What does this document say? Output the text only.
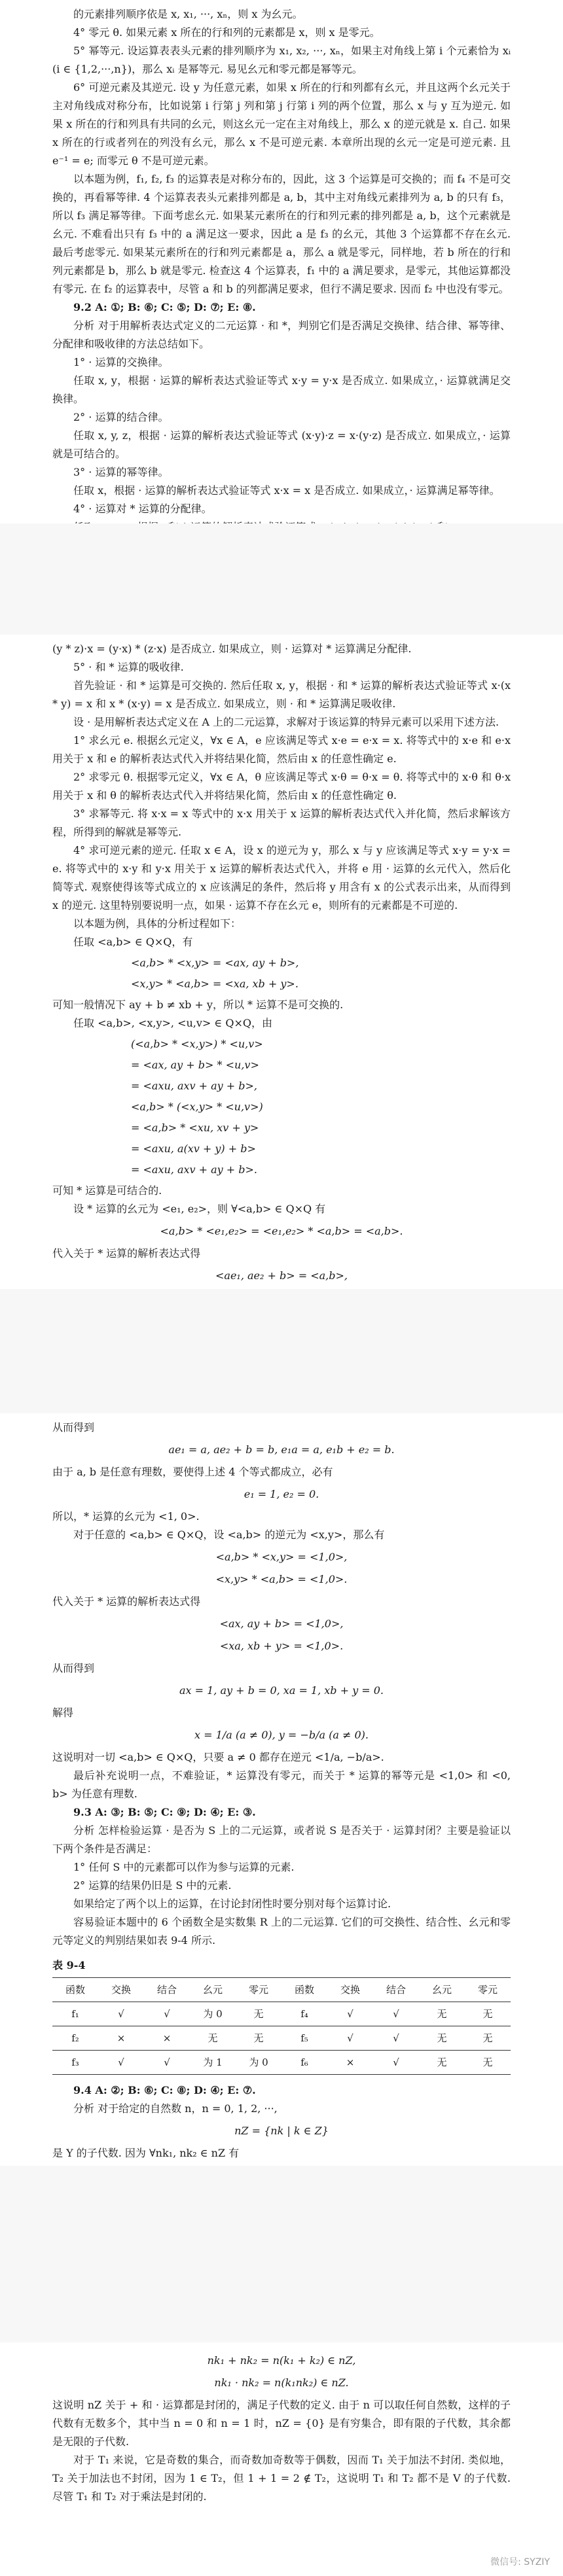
的元素排列顺序依是 x, x₁, ···, xₙ，则 x 为幺元。

4° 零元 θ. 如果元素 x 所在的行和列的元素都是 x，则 x 是零元。

5° 幂等元. 设运算表表头元素的排列顺序为 x₁, x₂, ···, xₙ，如果主对角线上第 i 个元素恰为 xᵢ (i ∈ {1,2,···,n})，那么 xᵢ 是幂等元. 易见幺元和零元都是幂等元。

6° 可逆元素及其逆元. 设 y 为任意元素，如果 x 所在的行和列都有幺元，并且这两个幺元关于主对角线成对称分布，比如说第 i 行第 j 列和第 j 行第 i 列的两个位置，那么 x 与 y 互为逆元. 如果 x 所在的行和列具有共同的幺元，则这幺元一定在主对角线上，那么 x 的逆元就是 x. 自己. 如果 x 所在的行或者列在的列没有幺元，那么 x 不是可逆元素. 本章所出现的幺元一定是可逆元素. 且 e⁻¹ = e; 而零元 θ 不是可逆元素。

以本题为例，f₁, f₂, f₃ 的运算表是对称分布的，因此，这 3 个运算是可交换的；而 f₄ 不是可交换的，再看幂等律. 4 个运算表表头元素排列都是 a, b，其中主对角线元素排列为 a, b 的只有 f₃，所以 f₃ 满足幂等律。下面考虑幺元. 如果某元素所在的行和列元素的排列都是 a, b，这个元素就是幺元. 不难看出只有 f₃ 中的 a 满足这一要求，因此 a 是 f₃ 的幺元，其他 3 个运算都不存在幺元. 最后考虑零元. 如果某元素所在的行和列元素都是 a，那么 a 就是零元，同样地，若 b 所在的行和列元素都是 b，那么 b 就是零元. 检查这 4 个运算表，f₁ 中的 a 满足要求，是零元，其他运算都没有零元. 在 f₂ 的运算表中，尽管 a 和 b 的列都满足要求，但行不满足要求. 因而 f₂ 中也没有零元。

9.2 A: ①; B: ⑥; C: ⑤; D: ⑦; E: ⑧.

分析 对于用解析表达式定义的二元运算 · 和 *，判别它们是否满足交换律、结合律、幂等律、分配律和吸收律的方法总结如下。

1° · 运算的交换律。

任取 x, y，根据 · 运算的解析表达式验证等式 x·y = y·x 是否成立. 如果成立，· 运算就满足交换律。

2° · 运算的结合律。

任取 x, y, z，根据 · 运算的解析表达式验证等式 (x·y)·z = x·(y·z) 是否成立. 如果成立，· 运算就是可结合的。

3° · 运算的幂等律。

任取 x，根据 · 运算的解析表达式验证等式 x·x = x 是否成立. 如果成立，· 运算满足幂等律。

4° · 运算对 * 运算的分配律。

(y * z)·x = (y·x) * (z·x) 是否成立. 如果成立，则 · 运算对 * 运算满足分配律.

5° · 和 * 运算的吸收律.

首先验证 · 和 * 运算是可交换的. 然后任取 x, y，根据 · 和 * 运算的解析表达式验证等式 x·(x * y) = x 和 x * (x·y) = x 是否成立. 如果成立，则 · 和 * 运算满足吸收律.

设 · 是用解析表达式定义在 A 上的二元运算，求解对于该运算的特异元素可以采用下述方法.

1° 求幺元 e. 根据幺元定义，∀x ∈ A，e 应该满足等式 x·e = e·x = x. 将等式中的 x·e 和 e·x 用关于 x 和 e 的解析表达式代入并将结果化简，然后由 x 的任意性确定 e.

2° 求零元 θ. 根据零元定义，∀x ∈ A，θ 应该满足等式 x·θ = θ·x = θ. 将等式中的 x·θ 和 θ·x 用关于 x 和 θ 的解析表达式代入并将结果化简，然后由 x 的任意性确定 θ.

3° 求幂等元. 将 x·x = x 等式中的 x·x 用关于 x 运算的解析表达式代入并化简，然后求解该方程，所得到的解就是幂等元.

4° 求可逆元素的逆元. 任取 x ∈ A，设 x 的逆元为 y，那么 x 与 y 应该满足等式 x·y = y·x = e. 将等式中的 x·y 和 y·x 用关于 x 运算的解析表达式代入，并将 e 用 · 运算的幺元代入，然后化简等式. 观察使得该等式成立的 x 应该满足的条件，然后将 y 用含有 x 的公式表示出来，从而得到 x 的逆元. 这里特别要说明一点，如果 · 运算不存在幺元 e，则所有的元素都是不可逆的.

以本题为例，具体的分析过程如下：

任取 <a,b> ∈ Q×Q，有

<a,b> * <x,y> = <ax, ay + b>,
<x,y> * <a,b> = <xa, xb + y>.

可知一般情况下 ay + b ≠ xb + y，所以 * 运算不是可交换的.

任取 <a,b>, <x,y>, <u,v> ∈ Q×Q，由

(<a,b> * <x,y>) * <u,v>
= <ax, ay + b> * <u,v>
= <axu, axv + ay + b>,
<a,b> * (<x,y> * <u,v>)
= <a,b> * <xu, xv + y>
= <axu, a(xv + y) + b>
= <axu, axv + ay + b>.

可知 * 运算是可结合的.

设 * 运算的幺元为 <e₁, e₂>，则 ∀<a,b> ∈ Q×Q 有

<a,b> * <e₁,e₂> = <e₁,e₂> * <a,b> = <a,b>.

代入关于 * 运算的解析表达式得

<ae₁, ae₂ + b> = <a,b>,

从而得到

ae₁ = a, ae₂ + b = b, e₁a = a, e₁b + e₂ = b.

由于 a, b 是任意有理数，要使得上述 4 个等式都成立，必有

e₁ = 1, e₂ = 0.

所以，* 运算的幺元为 <1, 0>.

对于任意的 <a,b> ∈ Q×Q，设 <a,b> 的逆元为 <x,y>，那么有

<a,b> * <x,y> = <1,0>,
<x,y> * <a,b> = <1,0>.

代入关于 * 运算的解析表达式得

<ax, ay + b> = <1,0>,
<xa, xb + y> = <1,0>.

从而得到

ax = 1, ay + b = 0, xa = 1, xb + y = 0.

解得

x = 1/a (a ≠ 0), y = −b/a (a ≠ 0).

这说明对一切 <a,b> ∈ Q×Q，只要 a ≠ 0 都存在逆元 <1/a, −b/a>.

最后补充说明一点，不难验证，* 运算没有零元，而关于 * 运算的幂等元是 <1,0> 和 <0, b> 为任意有理数.

9.3 A: ③; B: ⑤; C: ⑨; D: ④; E: ③.

分析 怎样检验运算 · 是否为 S 上的二元运算，或者说 S 是否关于 · 运算封闭？主要是验证以下两个条件是否满足：

1° 任何 S 中的元素都可以作为参与运算的元素.

2° 运算的结果仍旧是 S 中的元素.

如果给定了两个以上的运算，在讨论封闭性时要分别对每个运算讨论.

容易验证本题中的 6 个函数全是实数集 R 上的二元运算. 它们的可交换性、结合性、幺元和零元等定义的判别结果如表 9-4 所示.

表 9-4
函数	交换	结合	幺元	零元	函数	交换	结合	幺元	零元
f₁	√	√	为 0	无	f₄	√	√	无	无
f₂	×	×	无	无	f₅	√	√	无	无
f₃	√	√	为 1	为 0	f₆	×	√	无	无

9.4 A: ②; B: ⑥; C: ⑧; D: ④; E: ⑦.

分析 对于给定的自然数 n，n = 0, 1, 2, ···,

nZ = {nk | k ∈ Z}

是 Y 的子代数. 因为 ∀nk₁, nk₂ ∈ nZ 有

nk₁ + nk₂ = n(k₁ + k₂) ∈ nZ,
nk₁ · nk₂ = n(k₁nk₂) ∈ nZ.

这说明 nZ 关于 + 和 · 运算都是封闭的，满足子代数的定义. 由于 n 可以取任何自然数，这样的子代数有无数多个，其中当 n = 0 和 n = 1 时，nZ = {0} 是有穷集合，即有限的子代数，其余都是无限的子代数.

对于 T₁ 来说，它是奇数的集合，而奇数加奇数等于偶数，因而 T₁ 关于加法不封闭. 类似地，T₂ 关于加法也不封闭，因为 1 ∈ T₂，但 1 + 1 = 2 ∉ T₂，这说明 T₁ 和 T₂ 都不是 V 的子代数. 尽管 T₁ 和 T₂ 对于乘法是封闭的.

微信号: SYZIY
